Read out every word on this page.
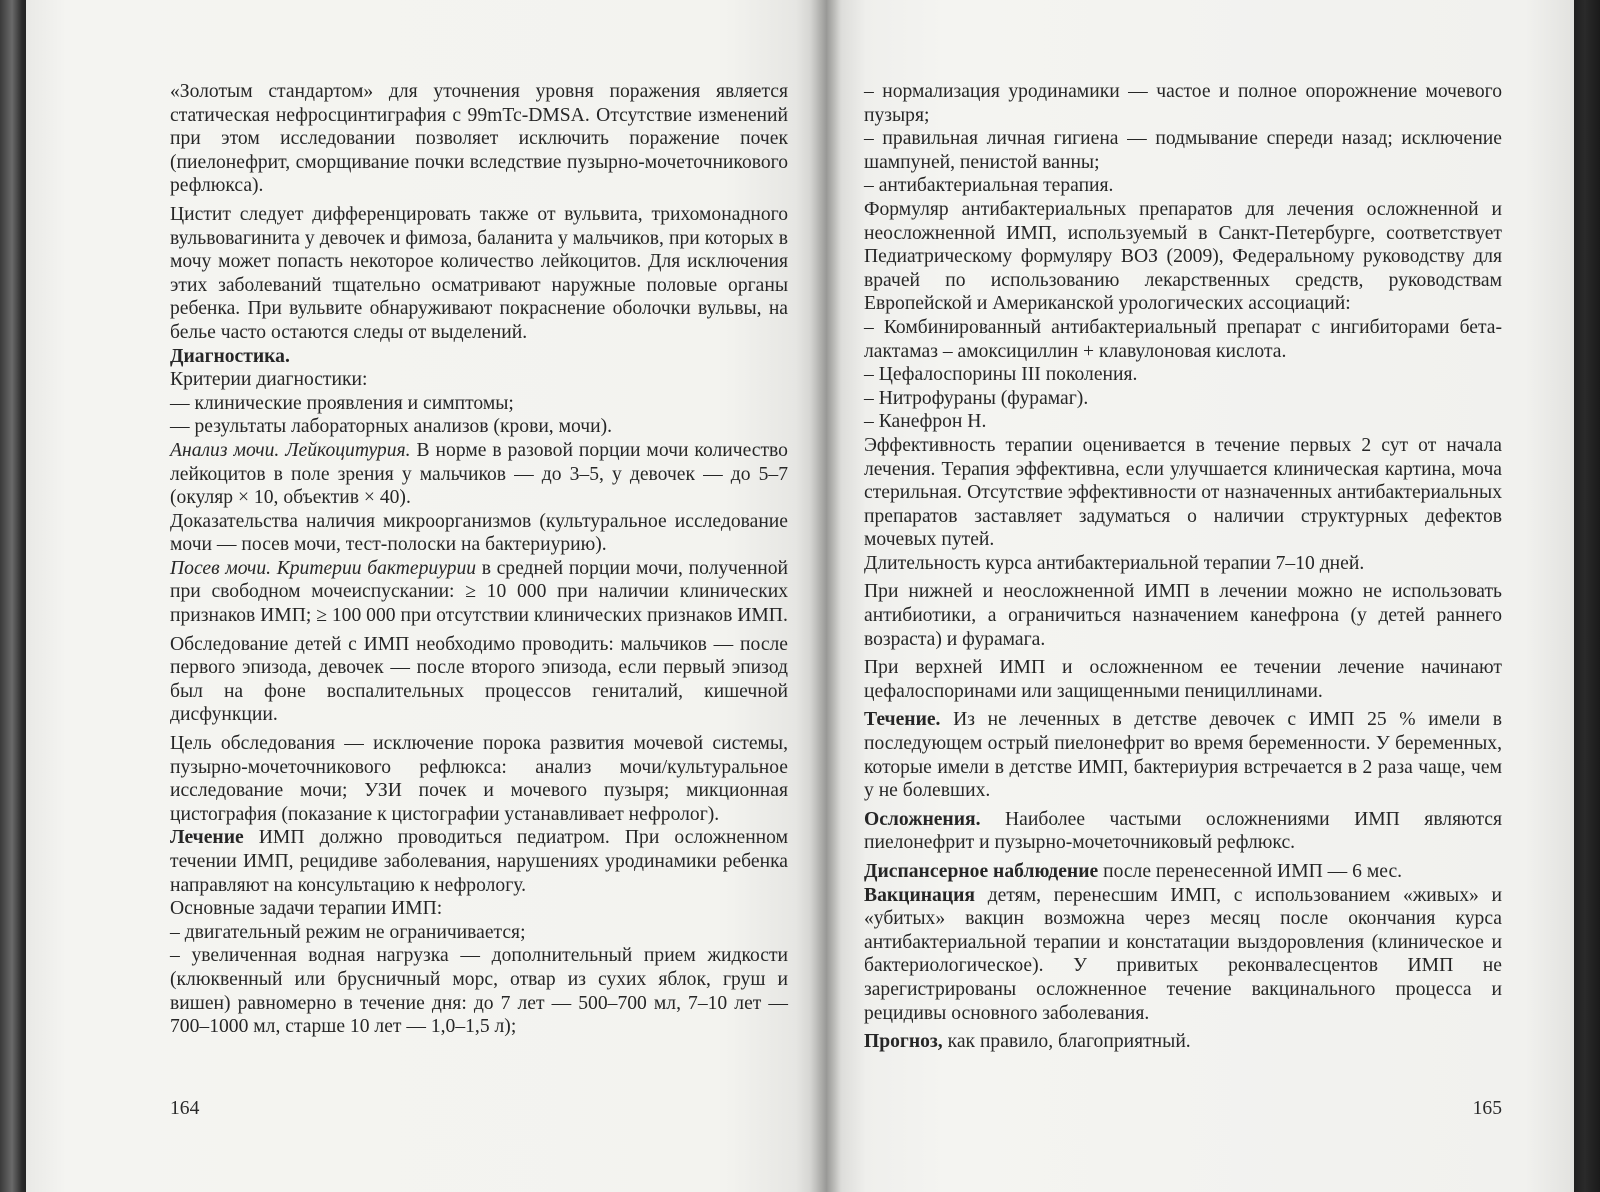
«Золотым стандартом» для уточнения уровня поражения является статическая нефросцинтиграфия с 99mTc-DMSA. Отсутствие изменений при этом исследовании позволяет исключить поражение почек (пиелонефрит, сморщивание почки вследствие пузырно-мочеточникового рефлюкса).

Цистит следует дифференцировать также от вульвита, трихомонадного вульвовагинита у девочек и фимоза, баланита у мальчиков, при которых в мочу может попасть некоторое количество лейкоцитов. Для исключения этих заболеваний тщательно осматривают наружные половые органы ребенка. При вульвите обнаруживают покраснение оболочки вульвы, на белье часто остаются следы от выделений.

Диагностика.

Критерии диагностики:

— клинические проявления и симптомы;

— результаты лабораторных анализов (крови, мочи).

Анализ мочи. Лейкоцитурия. В норме в разовой порции мочи количество лейкоцитов в поле зрения у мальчиков — до 3–5, у девочек — до 5–7 (окуляр × 10, объектив × 40).

Доказательства наличия микроорганизмов (культуральное исследование мочи — посев мочи, тест-полоски на бактериурию).

Посев мочи. Критерии бактериурии в средней порции мочи, полученной при свободном мочеиспускании: ≥ 10 000 при наличии клинических признаков ИМП; ≥ 100 000 при отсутствии клинических признаков ИМП.

Обследование детей с ИМП необходимо проводить: мальчиков — после первого эпизода, девочек — после второго эпизода, если первый эпизод был на фоне воспалительных процессов гениталий, кишечной дисфункции.

Цель обследования — исключение порока развития мочевой системы, пузырно-мочеточникового рефлюкса: анализ мочи/культуральное исследование мочи; УЗИ почек и мочевого пузыря; микционная цистография (показание к цистографии устанавливает нефролог).

Лечение ИМП должно проводиться педиатром. При осложненном течении ИМП, рецидиве заболевания, нарушениях уродинамики ребенка направляют на консультацию к нефрологу.

Основные задачи терапии ИМП:

– двигательный режим не ограничивается;

– увеличенная водная нагрузка — дополнительный прием жидкости (клюквенный или брусничный морс, отвар из сухих яблок, груш и вишен) равномерно в течение дня: до 7 лет — 500–700 мл, 7–10 лет — 700–1000 мл, старше 10 лет — 1,0–1,5 л);

164

– нормализация уродинамики — частое и полное опорожнение мочевого пузыря;

– правильная личная гигиена — подмывание спереди назад; исключение шампуней, пенистой ванны;

– антибактериальная терапия.

Формуляр антибактериальных препаратов для лечения осложненной и неосложненной ИМП, используемый в Санкт-Петербурге, соответствует Педиатрическому формуляру ВОЗ (2009), Федеральному руководству для врачей по использованию лекарственных средств, руководствам Европейской и Американской урологических ассоциаций:

– Комбинированный антибактериальный препарат с ингибиторами бета-лактамаз – амоксициллин + клавулоновая кислота.

– Цефалоспорины III поколения.

– Нитрофураны (фурамаг).

– Канефрон Н.

Эффективность терапии оценивается в течение первых 2 сут от начала лечения. Терапия эффективна, если улучшается клиническая картина, моча стерильная. Отсутствие эффективности от назначенных антибактериальных препаратов заставляет задуматься о наличии структурных дефектов мочевых путей.

Длительность курса антибактериальной терапии 7–10 дней.

При нижней и неосложненной ИМП в лечении можно не использовать антибиотики, а ограничиться назначением канефрона (у детей раннего возраста) и фурамага.

При верхней ИМП и осложненном ее течении лечение начинают цефалоспоринами или защищенными пенициллинами.

Течение. Из не леченных в детстве девочек с ИМП 25 % имели в последующем острый пиелонефрит во время беременности. У беременных, которые имели в детстве ИМП, бактериурия встречается в 2 раза чаще, чем у не болевших.

Осложнения. Наиболее частыми осложнениями ИМП являются пиелонефрит и пузырно-мочеточниковый рефлюкс.

Диспансерное наблюдение после перенесенной ИМП — 6 мес.

Вакцинация детям, перенесшим ИМП, с использованием «живых» и «убитых» вакцин возможна через месяц после окончания курса антибактериальной терапии и констатации выздоровления (клиническое и бактериологическое). У привитых реконвалесцентов ИМП не зарегистрированы осложненное течение вакцинального процесса и рецидивы основного заболевания.

Прогноз, как правило, благоприятный.

165
